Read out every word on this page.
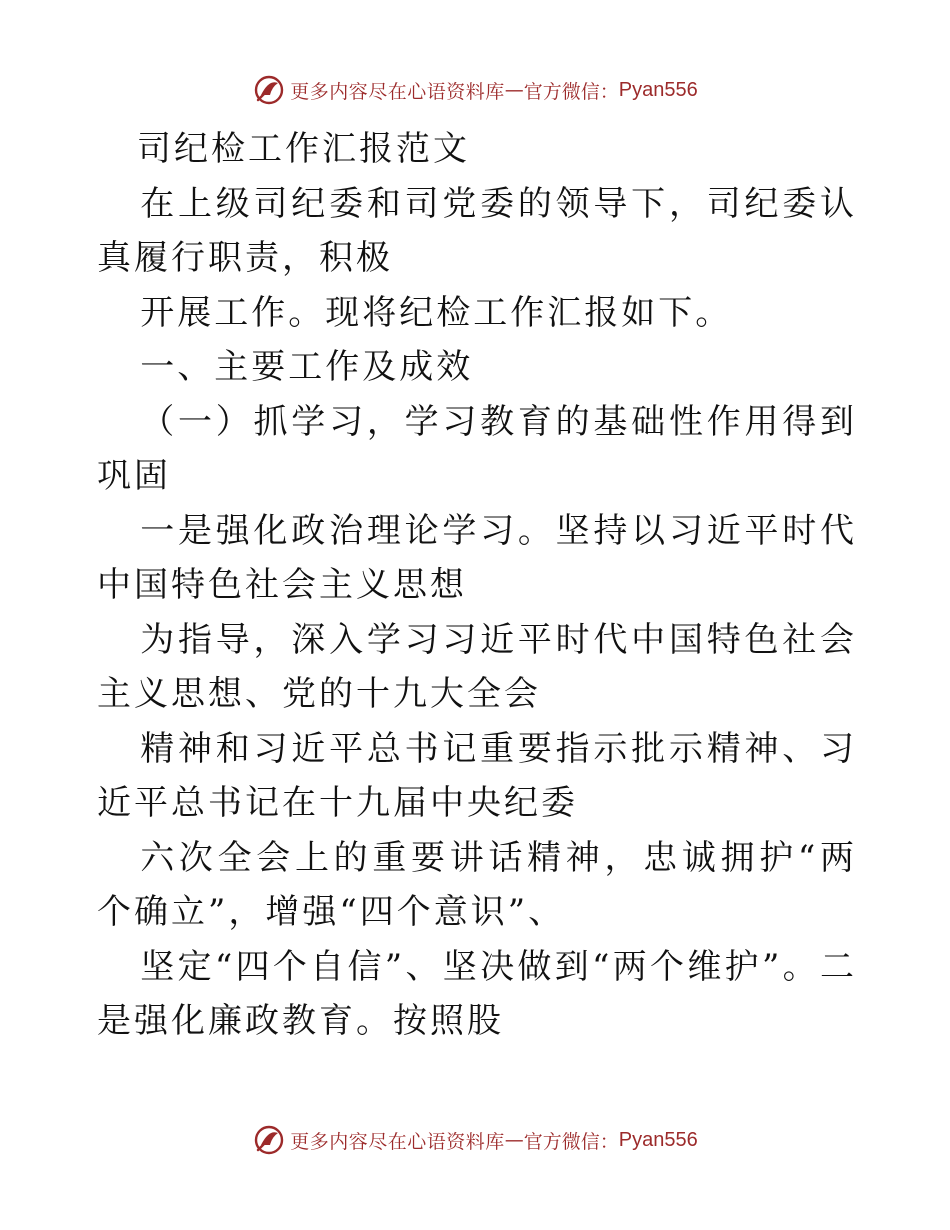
更多内容尽在心语资料库 — 官方微信： Pyan556

司纪检工作汇报范文

在上级司纪委和司党委的领导下，司纪委认真履行职责，积极

开展工作。现将纪检工作汇报如下。

一、主要工作及成效

（一）抓学习，学习教育的基础性作用得到巩固

一是强化政治理论学习。坚持以习近平时代中国特色社会主义思想

为指导，深入学习习近平时代中国特色社会主义思想、党的十九大全会

精神和习近平总书记重要指示批示精神、习近平总书记在十九届中央纪委

六次全会上的重要讲话精神，忠诚拥护“两个确立”，增强“四个意识”、

坚定“四个自信”、坚决做到“两个维护”。二是强化廉政教育。按照股

更多内容尽在心语资料库 — 官方微信： Pyan556
